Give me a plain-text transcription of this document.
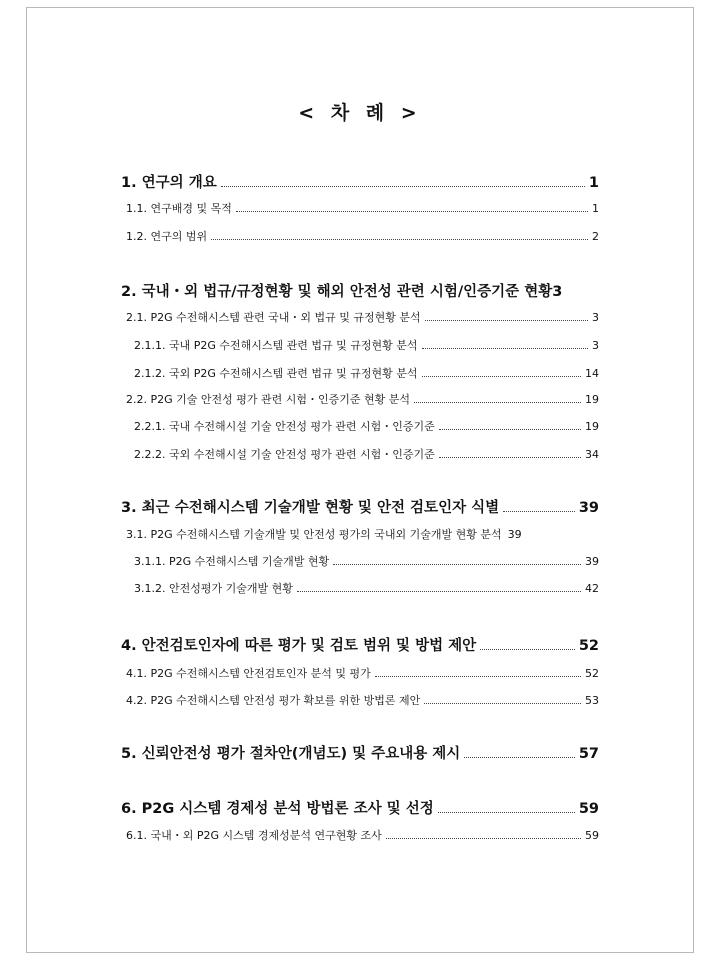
< 차 례 >
1. 연구의 개요	1
1.1. 연구배경 및 목적	1
1.2. 연구의 범위	2
2. 국내・외 법규/규정현황 및 해외 안전성 관련 시험/인증기준 현황 3
2.1. P2G 수전해시스템 관련 국내・외 법규 및 규정현황 분석	3
2.1.1. 국내 P2G 수전해시스템 관련 법규 및 규정현황 분석	3
2.1.2. 국외 P2G 수전해시스템 관련 법규 및 규정현황 분석	14
2.2. P2G 기술 안전성 평가 관련 시험・인증기준 현황 분석	19
2.2.1. 국내 수전해시설 기술 안전성 평가 관련 시험・인증기준	19
2.2.2. 국외 수전해시설 기술 안전성 평가 관련 시험・인증기준	34
3. 최근 수전해시스템 기술개발 현황 및 안전 검토인자 식별	39
3.1. P2G 수전해시스템 기술개발 및 안전성 평가의 국내외 기술개발 현황 분석 39
3.1.1. P2G 수전해시스템 기술개발 현황	39
3.1.2. 안전성평가 기술개발 현황	42
4. 안전검토인자에 따른 평가 및 검토 범위 및 방법 제안	52
4.1. P2G 수전해시스템 안전검토인자 분석 및 평가	52
4.2. P2G 수전해시스템 안전성 평가 확보를 위한 방법론 제안	53
5. 신뢰안전성 평가 절차안(개념도) 및 주요내용 제시	57
6. P2G 시스템 경제성 분석 방법론 조사 및 선정	59
6.1. 국내・외 P2G 시스템 경제성분석 연구현황 조사	59
